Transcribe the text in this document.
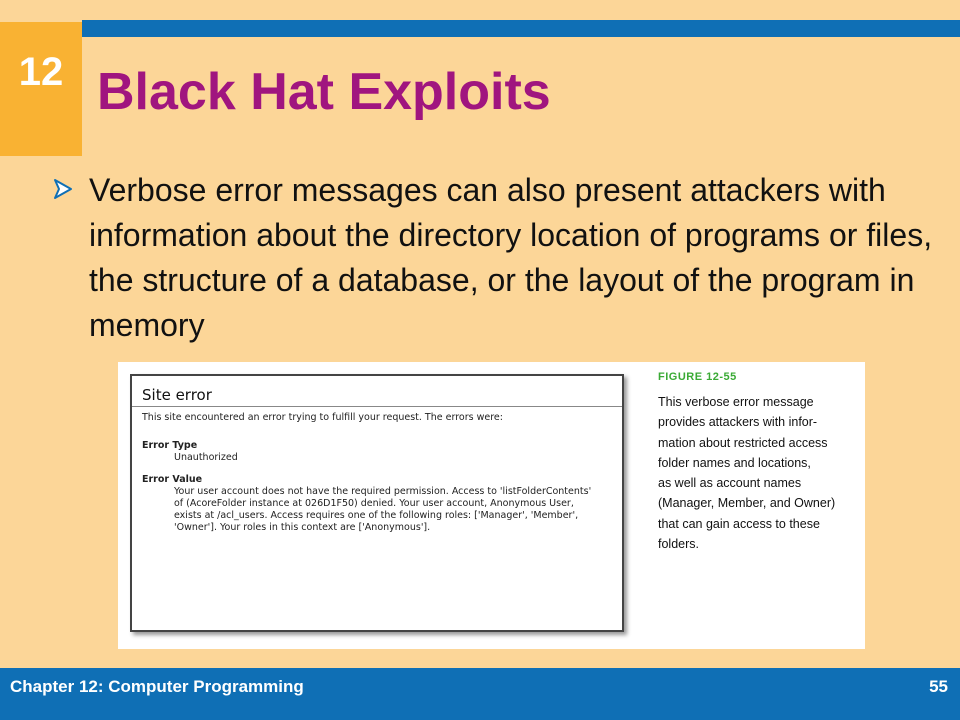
12 Black Hat Exploits

Verbose error messages can also present attackers with information about the directory location of programs or files, the structure of a database, or the layout of the program in memory

Site error
This site encountered an error trying to fulfill your request. The errors were:
Error Type
Unauthorized
Error Value
Your user account does not have the required permission. Access to 'listFolderContents'
of (AcoreFolder instance at 026D1F50) denied. Your user account, Anonymous User,
exists at /acl_users. Access requires one of the following roles: ['Manager', 'Member',
'Owner']. Your roles in this context are ['Anonymous'].
FIGURE 12-55
This verbose error message
provides attackers with infor-
mation about restricted access
folder names and locations,
as well as account names
(Manager, Member, and Owner)
that can gain access to these
folders.
Chapter 12: Computer Programming	55
